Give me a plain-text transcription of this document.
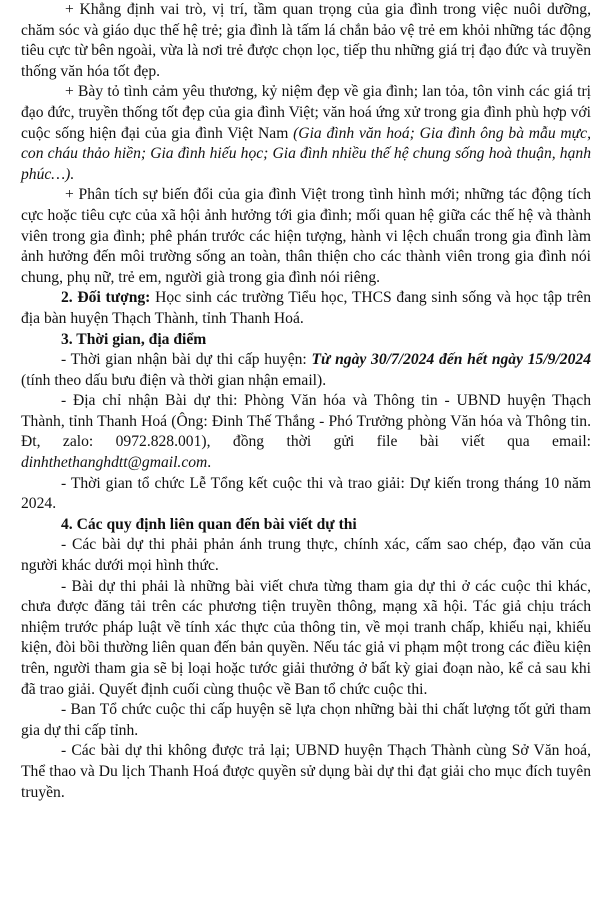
+ Khẳng định vai trò, vị trí, tầm quan trọng của gia đình trong việc nuôi dưỡng, chăm sóc và giáo dục thế hệ trẻ; gia đình là tấm lá chắn bảo vệ trẻ em khỏi những tác động tiêu cực từ bên ngoài, vừa là nơi trẻ được chọn lọc, tiếp thu những giá trị đạo đức và truyền thống văn hóa tốt đẹp.

+ Bày tỏ tình cảm yêu thương, kỷ niệm đẹp về gia đình; lan tỏa, tôn vinh các giá trị đạo đức, truyền thống tốt đẹp của gia đình Việt; văn hoá ứng xử trong gia đình phù hợp với cuộc sống hiện đại của gia đình Việt Nam (Gia đình văn hoá; Gia đình ông bà mẫu mực, con cháu thảo hiền; Gia đình hiếu học; Gia đình nhiều thế hệ chung sống hoà thuận, hạnh phúc…).

+ Phân tích sự biến đổi của gia đình Việt trong tình hình mới; những tác động tích cực hoặc tiêu cực của xã hội ảnh hưởng tới gia đình; mối quan hệ giữa các thế hệ và thành viên trong gia đình; phê phán trước các hiện tượng, hành vi lệch chuẩn trong gia đình làm ảnh hưởng đến môi trường sống an toàn, thân thiện cho các thành viên trong gia đình nói chung, phụ nữ, trẻ em, người già trong gia đình nói riêng.

2. Đối tượng: Học sinh các trường Tiểu học, THCS đang sinh sống và học tập trên địa bàn huyện Thạch Thành, tỉnh Thanh Hoá.

3. Thời gian, địa điểm

- Thời gian nhận bài dự thi cấp huyện: Từ ngày 30/7/2024 đến hết ngày 15/9/2024 (tính theo dấu bưu điện và thời gian nhận email).

- Địa chỉ nhận Bài dự thi: Phòng Văn hóa và Thông tin - UBND huyện Thạch Thành, tỉnh Thanh Hoá (Ông: Đinh Thế Thắng - Phó Trưởng phòng Văn hóa và Thông tin. Đt, zalo: 0972.828.001), đồng thời gửi file bài viết qua email: dinhthethanghdtt@gmail.com.

- Thời gian tổ chức Lễ Tổng kết cuộc thi và trao giải: Dự kiến trong tháng 10 năm 2024.

4. Các quy định liên quan đến bài viết dự thi

- Các bài dự thi phải phản ánh trung thực, chính xác, cấm sao chép, đạo văn của người khác dưới mọi hình thức.

- Bài dự thi phải là những bài viết chưa từng tham gia dự thi ở các cuộc thi khác, chưa được đăng tải trên các phương tiện truyền thông, mạng xã hội. Tác giả chịu trách nhiệm trước pháp luật về tính xác thực của thông tin, về mọi tranh chấp, khiếu nại, khiếu kiện, đòi bồi thường liên quan đến bản quyền. Nếu tác giả vi phạm một trong các điều kiện trên, người tham gia sẽ bị loại hoặc tước giải thưởng ở bất kỳ giai đoạn nào, kể cả sau khi đã trao giải. Quyết định cuối cùng thuộc về Ban tổ chức cuộc thi.

- Ban Tổ chức cuộc thi cấp huyện sẽ lựa chọn những bài thi chất lượng tốt gửi tham gia dự thi cấp tỉnh.

- Các bài dự thi không được trả lại; UBND huyện Thạch Thành cùng Sở Văn hoá, Thể thao và Du lịch Thanh Hoá được quyền sử dụng bài dự thi đạt giải cho mục đích tuyên truyền.
